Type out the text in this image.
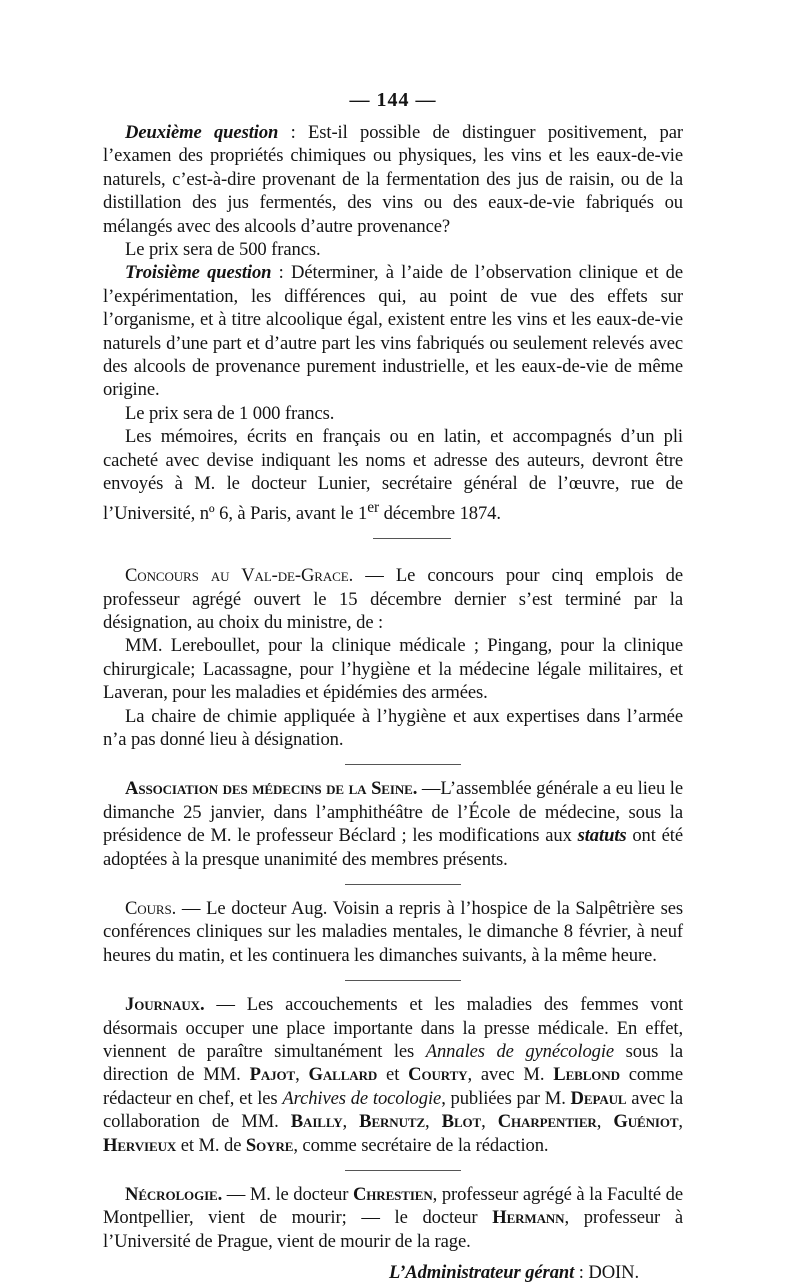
— 144 —

Deuxième question : Est-il possible de distinguer positivement, par l’examen des propriétés chimiques ou physiques, les vins et les eaux-de-vie naturels, c’est-à-dire provenant de la fermentation des jus de raisin, ou de la distillation des jus fermentés, des vins ou des eaux-de-vie fabriqués ou mélangés avec des alcools d’autre provenance?

Le prix sera de 500 francs.

Troisième question : Déterminer, à l’aide de l’observation clinique et de l’expérimentation, les différences qui, au point de vue des effets sur l’organisme, et à titre alcoolique égal, existent entre les vins et les eaux-de-vie naturels d’une part et d’autre part les vins fabriqués ou seulement relevés avec des alcools de provenance purement industrielle, et les eaux-de-vie de même origine.

Le prix sera de 1 000 francs.

Les mémoires, écrits en français ou en latin, et accompagnés d’un pli cacheté avec devise indiquant les noms et adresse des auteurs, devront être envoyés à M. le docteur Lunier, secrétaire général de l’œuvre, rue de l’Université, nº 6, à Paris, avant le 1er décembre 1874.

Concours au Val-de-Grace. — Le concours pour cinq emplois de professeur agrégé ouvert le 15 décembre dernier s’est terminé par la désignation, au choix du ministre, de :

MM. Lereboullet, pour la clinique médicale ; Pingang, pour la clinique chirurgicale; Lacassagne, pour l’hygiène et la médecine légale militaires, et Laveran, pour les maladies et épidémies des armées.

La chaire de chimie appliquée à l’hygiène et aux expertises dans l’armée n’a pas donné lieu à désignation.

Association des médecins de la Seine. —L’assemblée générale a eu lieu le dimanche 25 janvier, dans l’amphithéâtre de l’École de médecine, sous la présidence de M. le professeur Béclard ; les modifications aux statuts ont été adoptées à la presque unanimité des membres présents.

Cours. — Le docteur Aug. Voisin a repris à l’hospice de la Salpêtrière ses conférences cliniques sur les maladies mentales, le dimanche 8 février, à neuf heures du matin, et les continuera les dimanches suivants, à la même heure.

Journaux. — Les accouchements et les maladies des femmes vont désormais occuper une place importante dans la presse médicale. En effet, viennent de paraître simultanément les Annales de gynécologie sous la direction de MM. Pajot, Gallard et Courty, avec M. Leblond comme rédacteur en chef, et les Archives de tocologie, publiées par M. Depaul avec la collaboration de MM. Bailly, Bernutz, Blot, Charpentier, Guéniot, Hervieux et M. de Soyre, comme secrétaire de la rédaction.

Nécrologie. — M. le docteur Chrestien, professeur agrégé à la Faculté de Montpellier, vient de mourir; — le docteur Hermann, professeur à l’Université de Prague, vient de mourir de la rage.

L’Administrateur gérant : DOIN.
